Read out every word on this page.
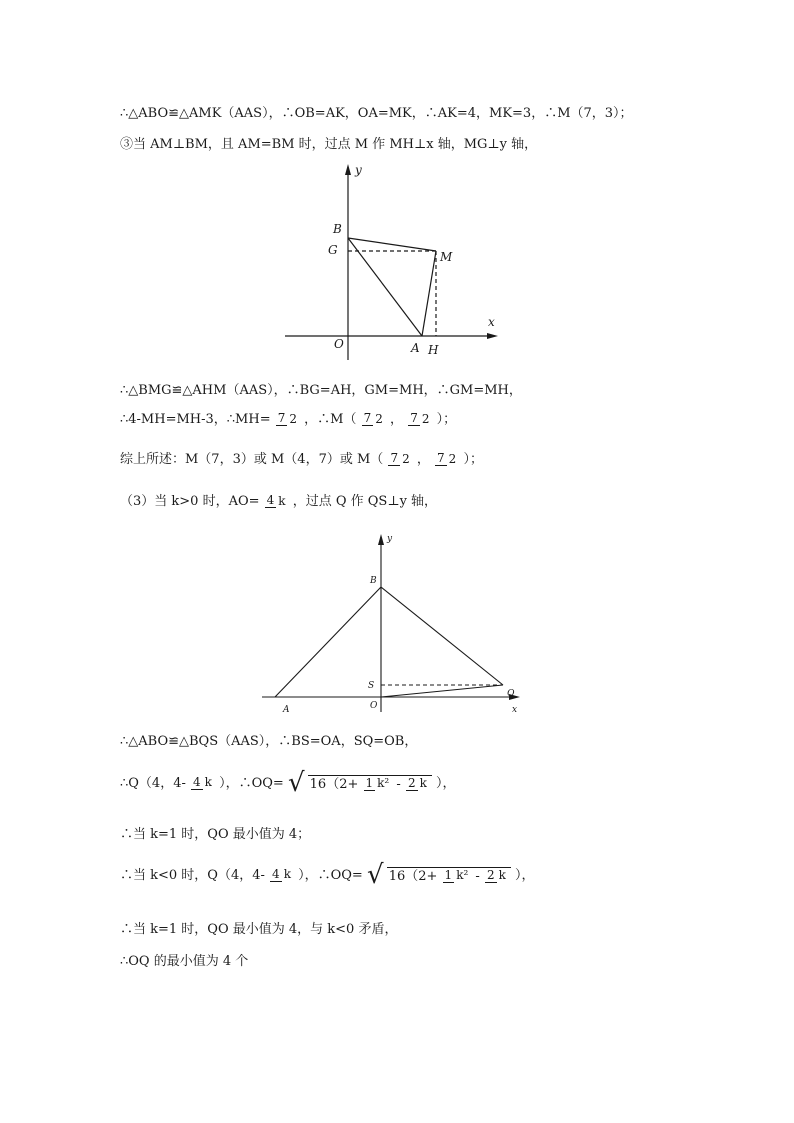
∴△ABO≌△AMK（AAS），∴OB=AK，OA=MK，∴AK=4，MK=3，∴M（7，3）；
③当 AM⊥BM，且 AM=BM 时，过点 M 作 MH⊥x 轴，MG⊥y 轴，
y
x
B
G	M
O	A H
∴△BMG≌△AHM（AAS），∴BG=AH，GM=MH，∴GM=MH，
∴4-MH=MH-3，∴MH= 7 2 ，∴M（ 7 2 ， 7 2 ）；
综上所述：M（7，3）或 M（4，7）或 M（ 7 2 ， 7 2 ）；
（3）当 k>0 时，AO= 4 k ，过点 Q 作 QS⊥y 轴，
y
x
B
S
Q
O
A
∴△ABO≌△BQS（AAS），∴BS=OA，SQ=OB，
∴Q（4，4- 4 k ），∴OQ= √ 16（2+ 1 k² - 2 k ），
∴当 k=1 时，QO 最小值为 4；
∴当 k<0 时，Q（4，4- 4 k ），∴OQ= √ 16（2+ 1 k² - 2 k ），
∴当 k=1 时，QO 最小值为 4，与 k<0 矛盾，
∴OQ 的最小值为 4 个
